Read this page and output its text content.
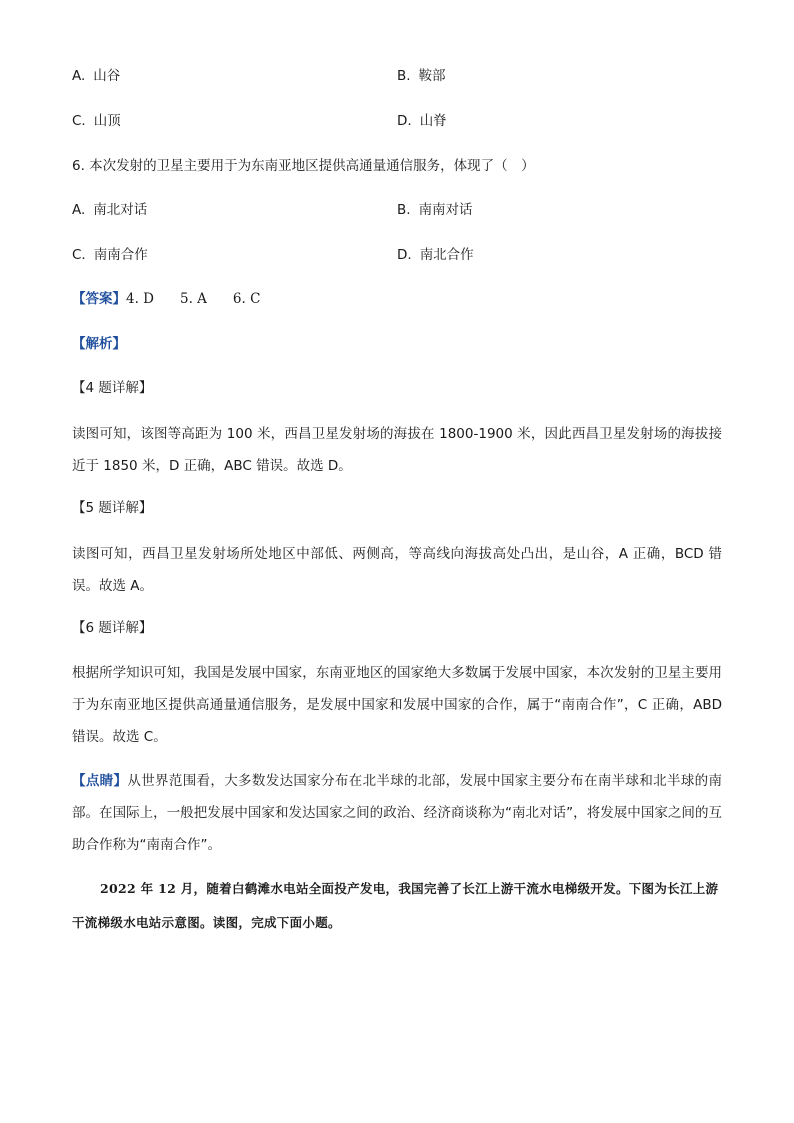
A. 山谷	B. 鞍部
C. 山顶	D. 山脊
6. 本次发射的卫星主要用于为东南亚地区提供高通量通信服务，体现了（　）
A. 南北对话	B. 南南对话
C. 南南合作	D. 南北合作
【答案】4. D 5. A 6. C
【解析】
【4 题详解】
读图可知，该图等高距为 100 米，西昌卫星发射场的海拔在 1800-1900 米，因此西昌卫星发射场的海拔接近于 1850 米，D 正确，ABC 错误。故选 D。
【5 题详解】
读图可知，西昌卫星发射场所处地区中部低、两侧高，等高线向海拔高处凸出，是山谷，A 正确，BCD 错误。故选 A。
【6 题详解】
根据所学知识可知，我国是发展中国家，东南亚地区的国家绝大多数属于发展中国家，本次发射的卫星主要用于为东南亚地区提供高通量通信服务，是发展中国家和发展中国家的合作，属于“南南合作”，C 正确，ABD 错误。故选 C。
【点睛】从世界范围看，大多数发达国家分布在北半球的北部，发展中国家主要分布在南半球和北半球的南部。在国际上，一般把发展中国家和发达国家之间的政治、经济商谈称为“南北对话”，将发展中国家之间的互助合作称为“南南合作”。
2022 年 12 月，随着白鹤滩水电站全面投产发电，我国完善了长江上游干流水电梯级开发。下图为长江上游干流梯级水电站示意图。读图，完成下面小题。
